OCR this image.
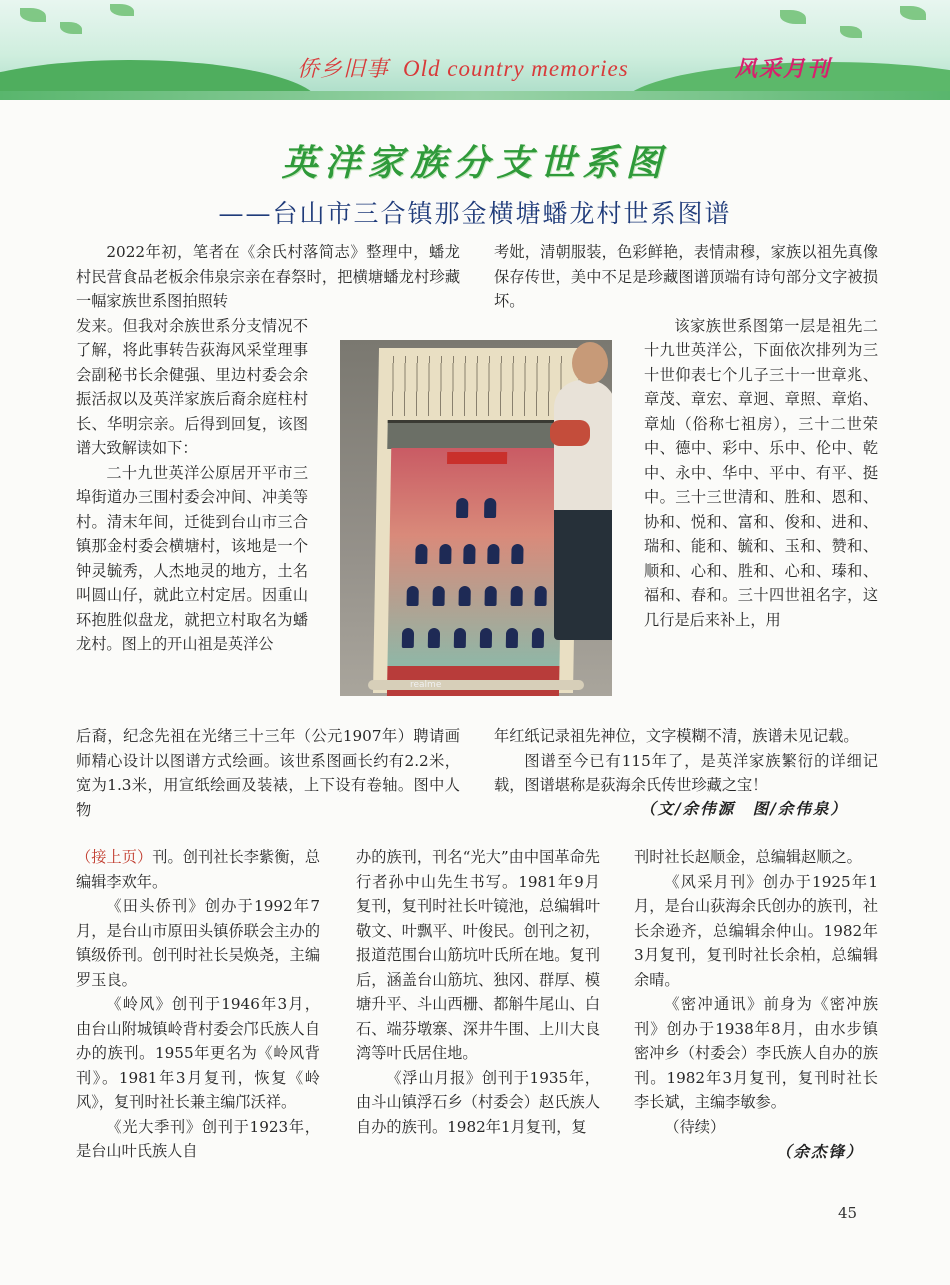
侨乡旧事 Old country memories	风采月刊
英洋家族分支世系图
——台山市三合镇那金横塘蟠龙村世系图谱

2022年初，笔者在《余氏村落简志》整理中，蟠龙村民营食品老板余伟泉宗亲在春祭时，把横塘蟠龙村珍藏一幅家族世系图拍照转

发来。但我对余族世系分支情况不了解，将此事转告荻海风采堂理事会副秘书长余健强、里边村委会余振活叔以及英洋家族后裔余庭柱村长、华明宗亲。后得到回复，该图谱大致解读如下：

二十九世英洋公原居开平市三埠街道办三围村委会冲间、冲美等村。清末年间，迁徙到台山市三合镇那金村委会横塘村，该地是一个钟灵毓秀，人杰地灵的地方，土名叫圆山仔，就此立村定居。因重山环抱胜似盘龙，就把立村取名为蟠龙村。图上的开山祖是英洋公

后裔，纪念先祖在光绪三十三年（公元1907年）聘请画师精心设计以图谱方式绘画。该世系图画长约有2.2米，宽为1.3米，用宣纸绘画及装裱，上下设有卷轴。图中人物

考妣，清朝服装，色彩鲜艳，表情肃穆，家族以祖先真像保存传世，美中不足是珍藏图谱顶端有诗句部分文字被损坏。

该家族世系图第一层是祖先二十九世英洋公，下面依次排列为三十世仰表七个儿子三十一世章兆、章茂、章宏、章迥、章照、章焰、章灿（俗称七祖房），三十二世荣中、德中、彩中、乐中、伦中、乾中、永中、华中、平中、有平、挺中。三十三世清和、胜和、恩和、协和、悦和、富和、俊和、进和、瑞和、能和、毓和、玉和、赞和、顺和、心和、胜和、心和、瑧和、福和、春和。三十四世祖名字，这几行是后来补上，用

年红纸记录祖先神位，文字模糊不清，族谱未见记载。

图谱至今已有115年了，是英洋家族繁衍的详细记载，图谱堪称是荻海余氏传世珍藏之宝！

（文/余伟源　图/余伟泉）
realme

（接上页）刊。创刊社长李紫衡，总编辑李欢年。

《田头侨刊》创办于1992年7月，是台山市原田头镇侨联会主办的镇级侨刊。创刊时社长吴焕尧，主编罗玉良。

《岭风》创刊于1946年3月，由台山附城镇岭背村委会邝氏族人自办的族刊。1955年更名为《岭风背刊》。1981年3月复刊，恢复《岭风》，复刊时社长兼主编邝沃祥。

《光大季刊》创刊于1923年，是台山叶氏族人自

办的族刊，刊名“光大”由中国革命先行者孙中山先生书写。1981年9月复刊，复刊时社长叶镜池，总编辑叶敬文、叶飘平、叶俊民。创刊之初，报道范围台山筋坑叶氏所在地。复刊后，涵盖台山筋坑、独冈、群厚、模塘升平、斗山西栅、都斛牛尾山、白石、端芬墩寨、深井牛围、上川大良湾等叶氏居住地。

《浮山月报》创刊于1935年，由斗山镇浮石乡（村委会）赵氏族人自办的族刊。1982年1月复刊，复

刊时社长赵顺金，总编辑赵顺之。

《风采月刊》创办于1925年1月，是台山荻海余氏创办的族刊，社长余逊齐，总编辑余仲山。1982年3月复刊，复刊时社长余柏，总编辑余晴。

《密冲通讯》前身为《密冲族刊》创办于1938年8月，由水步镇密冲乡（村委会）李氏族人自办的族刊。1982年3月复刊，复刊时社长李长斌，主编李敏参。

（待续）

（余杰锋）
45
